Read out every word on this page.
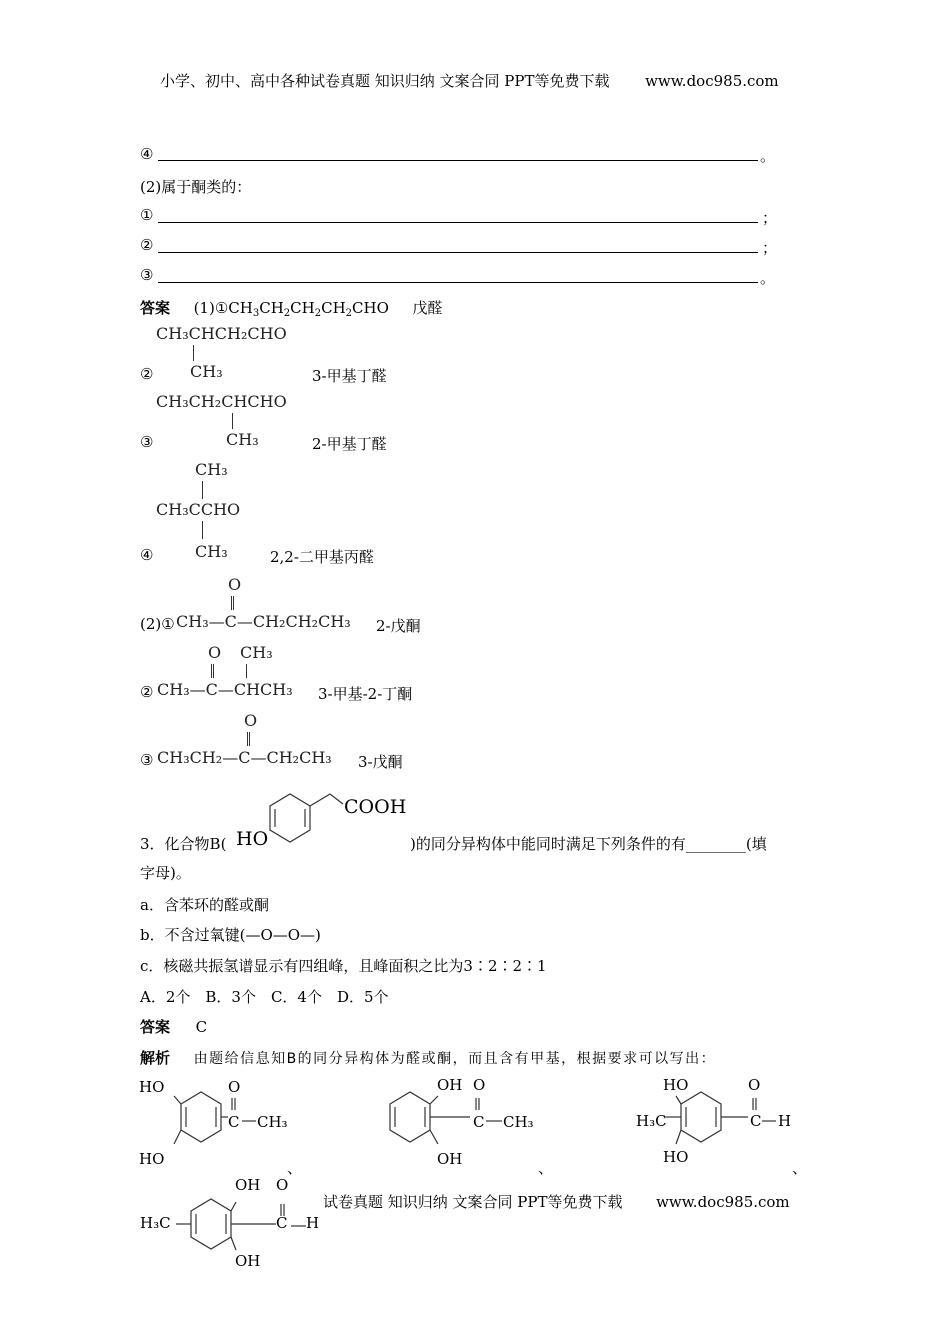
小学、初中、高中各种试卷真题 知识归纳 文案合同 PPT等免费下载 www.doc985.com
④	。
(2)属于酮类的：
①	；
②	；
③	。
答案 $(1)①CH_3CH_2CH_2CH_2CHO$ 戊醛
CH₃CHCH₂CHO
② CH₃	3-甲基丁醛
CH₃CH₂CHCHO
③	CH₃	2-甲基丁醛
CH₃
CH₃CCHO
④	CH₃	2,2-二甲基丙醛
O
(2)① CH₃—C—CH₂CH₂CH₃ 2-戊酮
O CH₃
② CH₃—C—CHCH₃ 3-甲基-2-丁酮
O
③ CH₃CH₂—C—CH₂CH₃ 3-戊酮
HO
COOH
3．化合物B(	)的同分异构体中能同时满足下列条件的有________(填
字母)。
a．含苯环的醛或酮
b．不含过氧键(—O—O—)
c．核磁共振氢谱显示有四组峰，且峰面积之比为3∶2∶2∶1
A．2个　B．3个　C．4个　D．5个
答案 C
解析 由题给信息知B的同分异构体为醛或酮，而且含有甲基，根据要求可以写出：
HO
HO
O
C CH₃
、
OH
OH
O
C CH₃
、
HO
HO
H₃C
O
C H
、
OH
OH
H₃C
O
C H
试卷真题 知识归纳 文案合同 PPT等免费下载 www.doc985.com
